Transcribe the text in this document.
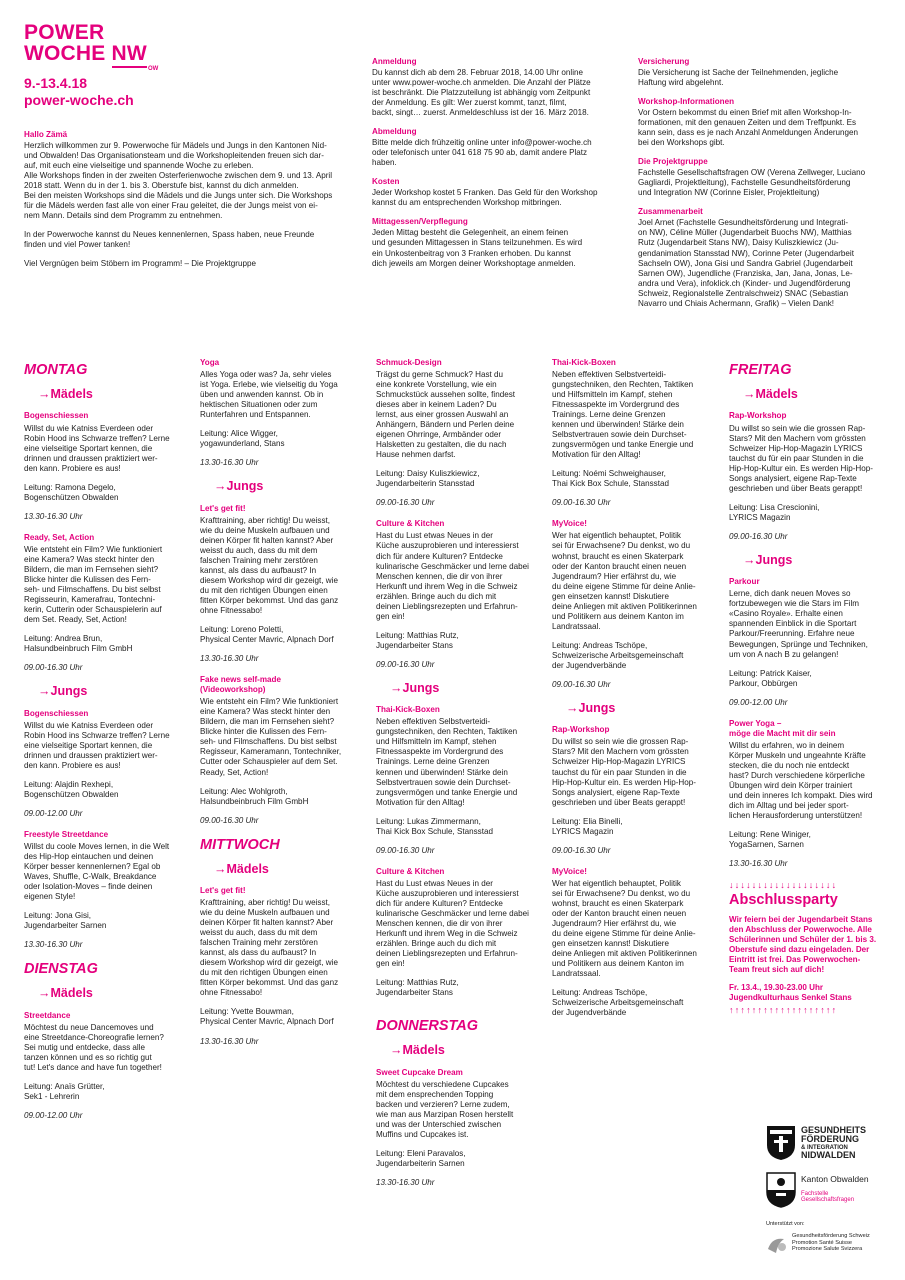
POWER
WOCHE NW
OW
9.-13.4.18
power-woche.ch
Hallo Zämä
Herzlich willkommen zur 9. Powerwoche für Mädels und Jungs in den Kantonen Nid-
und Obwalden! Das Organisationsteam und die Workshopleitenden freuen sich dar-
auf, mit euch eine vielseitige und spannende Woche zu erleben.
Alle Workshops finden in der zweiten Osterferienwoche zwischen dem 9. und 13. April
2018 statt. Wenn du in der 1. bis 3. Oberstufe bist, kannst du dich anmelden.
Bei den meisten Workshops sind die Mädels und die Jungs unter sich. Die Workshops
für die Mädels werden fast alle von einer Frau geleitet, die der Jungs meist von ei-
nem Mann. Details sind dem Programm zu entnehmen.
In der Powerwoche kannst du Neues kennenlernen, Spass haben, neue Freunde
finden und viel Power tanken!
Viel Vergnügen beim Stöbern im Programm! – Die Projektgruppe
Anmeldung
Du kannst dich ab dem 28. Februar 2018, 14.00 Uhr online
unter www.power-woche.ch anmelden. Die Anzahl der Plätze
ist beschränkt. Die Platzzuteilung ist abhängig vom Zeitpunkt
der Anmeldung. Es gilt: Wer zuerst kommt, tanzt, filmt,
backt, singt… zuerst. Anmeldeschluss ist der 16. März 2018.
Abmeldung
Bitte melde dich frühzeitig online unter info@power-woche.ch
oder telefonisch unter 041 618 75 90 ab, damit andere Platz
haben.
Kosten
Jeder Workshop kostet 5 Franken. Das Geld für den Workshop
kannst du am entsprechenden Workshop mitbringen.
Mittagessen/Verpflegung
Jeden Mittag besteht die Gelegenheit, an einem feinen
und gesunden Mittagessen in Stans teilzunehmen. Es wird
ein Unkostenbeitrag von 3 Franken erhoben. Du kannst
dich jeweils am Morgen deiner Workshoptage anmelden.
Versicherung
Die Versicherung ist Sache der Teilnehmenden, jegliche
Haftung wird abgelehnt.
Workshop-Informationen
Vor Ostern bekommst du einen Brief mit allen Workshop-In-
formationen, mit den genauen Zeiten und dem Treffpunkt. Es
kann sein, dass es je nach Anzahl Anmeldungen Änderungen
bei den Workshops gibt.
Die Projektgruppe
Fachstelle Gesellschaftsfragen OW (Verena Zellweger, Luciano
Gagliardi, Projektleitung), Fachstelle Gesundheitsförderung
und Integration NW (Corinne Eisler, Projektleitung)
Zusammenarbeit
Joel Arnet (Fachstelle Gesundheitsförderung und Integrati-
on NW), Céline Müller (Jugendarbeit Buochs NW), Matthias
Rutz (Jugendarbeit Stans NW), Daisy Kuliszkiewicz (Ju-
gendanimation Stansstad NW), Corinne Peter (Jugendarbeit
Sachseln OW), Jona Gisi und Sandra Gabriel (Jugendarbeit
Sarnen OW), Jugendliche (Franziska, Jan, Jana, Jonas, Le-
andra und Vera), infoklick.ch (Kinder- und Jugendförderung
Schweiz, Regionalstelle Zentralschweiz) SNAC (Sebastian
Navarro und Chiais Achermann, Grafik) – Vielen Dank!
MONTAG
→Mädels
Bogenschiessen
Willst du wie Katniss Everdeen oder
Robin Hood ins Schwarze treffen? Lerne
eine vielseitige Sportart kennen, die
drinnen und draussen praktiziert wer-
den kann. Probiere es aus!
Leitung: Ramona Degelo,
Bogenschützen Obwalden
13.30-16.30 Uhr
Ready, Set, Action
Wie entsteht ein Film? Wie funktioniert
eine Kamera? Was steckt hinter den
Bildern, die man im Fernsehen sieht?
Blicke hinter die Kulissen des Fern-
seh- und Filmschaffens. Du bist selbst
Regisseurin, Kamerafrau, Tontechni-
kerin, Cutterin oder Schauspielerin auf
dem Set. Ready, Set, Action!
Leitung: Andrea Brun,
Halsundbeinbruch Film GmbH
09.00-16.30 Uhr
→Jungs
Bogenschiessen
Willst du wie Katniss Everdeen oder
Robin Hood ins Schwarze treffen? Lerne
eine vielseitige Sportart kennen, die
drinnen und draussen praktiziert wer-
den kann. Probiere es aus!
Leitung: Alajdin Rexhepi,
Bogenschützen Obwalden
09.00-12.00 Uhr
Freestyle Streetdance
Willst du coole Moves lernen, in die Welt
des Hip-Hop eintauchen und deinen
Körper besser kennenlernen? Egal ob
Waves, Shuffle, C-Walk, Breakdance
oder Isolation-Moves – finde deinen
eigenen Style!
Leitung: Jona Gisi,
Jugendarbeiter Sarnen
13.30-16.30 Uhr
DIENSTAG
→Mädels
Streetdance
Möchtest du neue Dancemoves und
eine Streetdance-Choreografie lernen?
Sei mutig und entdecke, dass alle
tanzen können und es so richtig gut
tut! Let's dance and have fun together!
Leitung: Anaïs Grütter,
Sek1 - Lehrerin
09.00-12.00 Uhr
Yoga
Alles Yoga oder was? Ja, sehr vieles
ist Yoga. Erlebe, wie vielseitig du Yoga
üben und anwenden kannst. Ob in
hektischen Situationen oder zum
Runterfahren und Entspannen.
Leitung: Alice Wigger,
yogawunderland, Stans
13.30-16.30 Uhr
→Jungs
Let's get fit!
Krafttraining, aber richtig! Du weisst,
wie du deine Muskeln aufbauen und
deinen Körper fit halten kannst? Aber
weisst du auch, dass du mit dem
falschen Training mehr zerstören
kannst, als dass du aufbaust? In
diesem Workshop wird dir gezeigt, wie
du mit den richtigen Übungen einen
fitten Körper bekommst. Und das ganz
ohne Fitnessabo!
Leitung: Loreno Poletti,
Physical Center Mavric, Alpnach Dorf
13.30-16.30 Uhr
Fake news self-made
(Videoworkshop)
Wie entsteht ein Film? Wie funktioniert
eine Kamera? Was steckt hinter den
Bildern, die man im Fernsehen sieht?
Blicke hinter die Kulissen des Fern-
seh- und Filmschaffens. Du bist selbst
Regisseur, Kameramann, Tontechniker,
Cutter oder Schauspieler auf dem Set.
Ready, Set, Action!
Leitung: Alec Wohlgroth,
Halsundbeinbruch Film GmbH
09.00-16.30 Uhr
MITTWOCH
→Mädels
Let's get fit!
Krafttraining, aber richtig! Du weisst,
wie du deine Muskeln aufbauen und
deinen Körper fit halten kannst? Aber
weisst du auch, dass du mit dem
falschen Training mehr zerstören
kannst, als dass du aufbaust? In
diesem Workshop wird dir gezeigt, wie
du mit den richtigen Übungen einen
fitten Körper bekommst. Und das ganz
ohne Fitnessabo!
Leitung: Yvette Bouwman,
Physical Center Mavric, Alpnach Dorf
13.30-16.30 Uhr
Schmuck-Design
Trägst du gerne Schmuck? Hast du
eine konkrete Vorstellung, wie ein
Schmuckstück aussehen sollte, findest
dieses aber in keinem Laden? Du
lernst, aus einer grossen Auswahl an
Anhängern, Bändern und Perlen deine
eigenen Ohrringe, Armbänder oder
Halsketten zu gestalten, die du nach
Hause nehmen darfst.
Leitung: Daisy Kuliszkiewicz,
Jugendarbeiterin Stansstad
09.00-16.30 Uhr
Culture & Kitchen
Hast du Lust etwas Neues in der
Küche auszuprobieren und interessierst
dich für andere Kulturen? Entdecke
kulinarische Geschmäcker und lerne dabei
Menschen kennen, die dir von ihrer
Herkunft und ihrem Weg in die Schweiz
erzählen. Bringe auch du dich mit
deinen Lieblingsrezepten und Erfahrun-
gen ein!
Leitung: Matthias Rutz,
Jugendarbeiter Stans
09.00-16.30 Uhr
→Jungs
Thai-Kick-Boxen
Neben effektiven Selbstverteidi-
gungstechniken, den Rechten, Taktiken
und Hilfsmitteln im Kampf, stehen
Fitnessaspekte im Vordergrund des
Trainings. Lerne deine Grenzen
kennen und überwinden! Stärke dein
Selbstvertrauen sowie dein Durchset-
zungsvermögen und tanke Energie und
Motivation für den Alltag!
Leitung: Lukas Zimmermann,
Thai Kick Box Schule, Stansstad
09.00-16.30 Uhr
Culture & Kitchen
Hast du Lust etwas Neues in der
Küche auszuprobieren und interessierst
dich für andere Kulturen? Entdecke
kulinarische Geschmäcker und lerne dabei
Menschen kennen, die dir von ihrer
Herkunft und ihrem Weg in die Schweiz
erzählen. Bringe auch du dich mit
deinen Lieblingsrezepten und Erfahrun-
gen ein!
Leitung: Matthias Rutz,
Jugendarbeiter Stans
DONNERSTAG
→Mädels
Sweet Cupcake Dream
Möchtest du verschiedene Cupcakes
mit dem ensprechenden Topping
backen und verzieren? Lerne zudem,
wie man aus Marzipan Rosen herstellt
und was der Unterschied zwischen
Muffins und Cupcakes ist.
Leitung: Eleni Paravalos,
Jugendarbeiterin Sarnen
13.30-16.30 Uhr
Thai-Kick-Boxen
Neben effektiven Selbstverteidi-
gungstechniken, den Rechten, Taktiken
und Hilfsmitteln im Kampf, stehen
Fitnessaspekte im Vordergrund des
Trainings. Lerne deine Grenzen
kennen und überwinden! Stärke dein
Selbstvertrauen sowie dein Durchset-
zungsvermögen und tanke Energie und
Motivation für den Alltag!
Leitung: Noémi Schweighauser,
Thai Kick Box Schule, Stansstad
09.00-16.30 Uhr
MyVoice!
Wer hat eigentlich behauptet, Politik
sei für Erwachsene? Du denkst, wo du
wohnst, braucht es einen Skaterpark
oder der Kanton braucht einen neuen
Jugendraum? Hier erfährst du, wie
du deine eigene Stimme für deine Anlie-
gen einsetzen kannst! Diskutiere
deine Anliegen mit aktiven Politikerinnen
und Politikern aus deinem Kanton im
Landratssaal.
Leitung: Andreas Tschöpe,
Schweizerische Arbeitsgemeinschaft
der Jugendverbände
09.00-16.30 Uhr
→Jungs
Rap-Workshop
Du willst so sein wie die grossen Rap-
Stars? Mit den Machern vom grössten
Schweizer Hip-Hop-Magazin LYRICS
tauchst du für ein paar Stunden in die
Hip-Hop-Kultur ein. Es werden Hip-Hop-
Songs analysiert, eigene Rap-Texte
geschrieben und über Beats gerappt!
Leitung: Elia Binelli,
LYRICS Magazin
09.00-16.30 Uhr
MyVoice!
Wer hat eigentlich behauptet, Politik
sei für Erwachsene? Du denkst, wo du
wohnst, braucht es einen Skaterpark
oder der Kanton braucht einen neuen
Jugendraum? Hier erfährst du, wie
du deine eigene Stimme für deine Anlie-
gen einsetzen kannst! Diskutiere
deine Anliegen mit aktiven Politikerinnen
und Politikern aus deinem Kanton im
Landratssaal.
Leitung: Andreas Tschöpe,
Schweizerische Arbeitsgemeinschaft
der Jugendverbände
FREITAG
→Mädels
Rap-Workshop
Du willst so sein wie die grossen Rap-
Stars? Mit den Machern vom grössten
Schweizer Hip-Hop-Magazin LYRICS
tauchst du für ein paar Stunden in die
Hip-Hop-Kultur ein. Es werden Hip-Hop-
Songs analysiert, eigene Rap-Texte
geschrieben und über Beats gerappt!
Leitung: Lisa Crescionini,
LYRICS Magazin
09.00-16.30 Uhr
→Jungs
Parkour
Lerne, dich dank neuen Moves so
fortzubewegen wie die Stars im Film
«Casino Royale». Erhalte einen
spannenden Einblick in die Sportart
Parkour/Freerunning. Erfahre neue
Bewegungen, Sprünge und Techniken,
um von A nach B zu gelangen!
Leitung: Patrick Kaiser,
Parkour, Obbürgen
09.00-12.00 Uhr
Power Yoga –
möge die Macht mit dir sein
Willst du erfahren, wo in deinem
Körper Muskeln und ungeahnte Kräfte
stecken, die du noch nie entdeckt
hast? Durch verschiedene körperliche
Übungen wird dein Körper trainiert
und dein inneres Ich kompakt. Dies wird
dich im Alltag und bei jeder sport-
lichen Herausforderung unterstützen!
Leitung: Rene Winiger,
YogaSarnen, Sarnen
13.30-16.30 Uhr
↓↓↓↓↓↓↓↓↓↓↓↓↓↓↓↓↓↓↓
Abschlussparty
Wir feiern bei der Jugendarbeit Stans
den Abschluss der Powerwoche. Alle
Schülerinnen und Schüler der 1. bis 3.
Oberstufe sind dazu eingeladen. Der
Eintritt ist frei. Das Powerwochen-
Team freut sich auf dich!
Fr. 13.4., 19.30-23.00 Uhr
Jugendkulturhaus Senkel Stans
↑↑↑↑↑↑↑↑↑↑↑↑↑↑↑↑↑↑↑
GESUNDHEITS
FÖRDERUNG
& INTEGRATION
NIDWALDEN
Kanton Obwalden
Fachstelle
Gesellschaftsfragen
Unterstützt von:
Gesundheitsförderung Schweiz
Promotion Santé Suisse
Promozione Salute Svizzera
